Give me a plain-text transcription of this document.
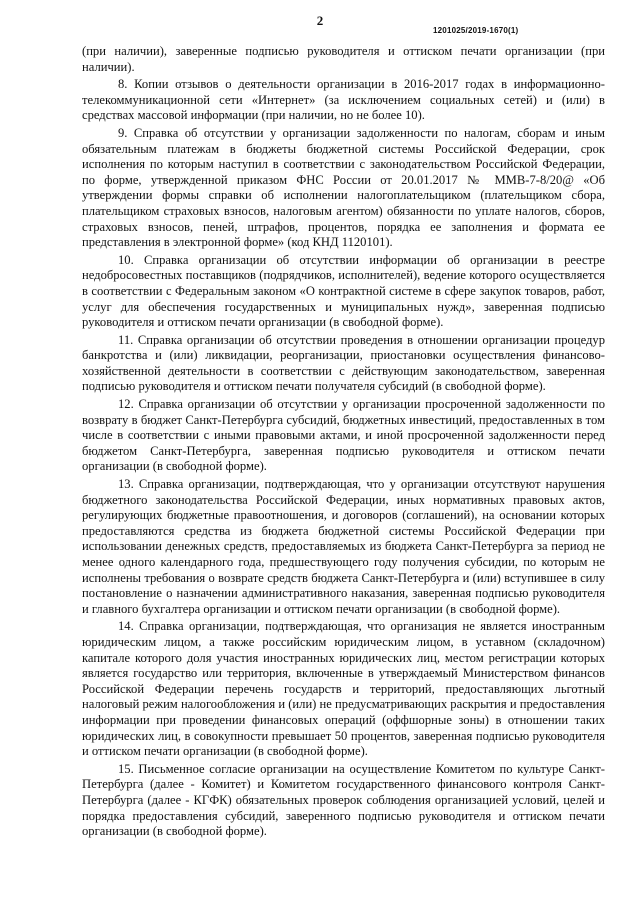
2
1201025/2019-1670(1)

(при наличии), заверенные подписью руководителя и оттиском печати организации (при наличии).

8. Копии отзывов о деятельности организации в 2016-2017 годах в информационно-телекоммуникационной сети «Интернет» (за исключением социальных сетей) и (или) в средствах массовой информации (при наличии, но не более 10).

9. Справка об отсутствии у организации задолженности по налогам, сборам и иным обязательным платежам в бюджеты бюджетной системы Российской Федерации, срок исполнения по которым наступил в соответствии с законодательством Российской Федерации, по форме, утвержденной приказом ФНС России от 20.01.2017 № ММВ-7-8/20@ «Об утверждении формы справки об исполнении налогоплательщиком (плательщиком сбора, плательщиком страховых взносов, налоговым агентом) обязанности по уплате налогов, сборов, страховых взносов, пеней, штрафов, процентов, порядка ее заполнения и формата ее представления в электронной форме» (код КНД 1120101).

10. Справка организации об отсутствии информации об организации в реестре недобросовестных поставщиков (подрядчиков, исполнителей), ведение которого осуществляется в соответствии с Федеральным законом «О контрактной системе в сфере закупок товаров, работ, услуг для обеспечения государственных и муниципальных нужд», заверенная подписью руководителя и оттиском печати организации (в свободной форме).

11. Справка организации об отсутствии проведения в отношении организации процедур банкротства и (или) ликвидации, реорганизации, приостановки осуществления финансово-хозяйственной деятельности в соответствии с действующим законодательством, заверенная подписью руководителя и оттиском печати получателя субсидий (в свободной форме).

12. Справка организации об отсутствии у организации просроченной задолженности по возврату в бюджет Санкт-Петербурга субсидий, бюджетных инвестиций, предоставленных в том числе в соответствии с иными правовыми актами, и иной просроченной задолженности перед бюджетом Санкт-Петербурга, заверенная подписью руководителя и оттиском печати организации (в свободной форме).

13. Справка организации, подтверждающая, что у организации отсутствуют нарушения бюджетного законодательства Российской Федерации, иных нормативных правовых актов, регулирующих бюджетные правоотношения, и договоров (соглашений), на основании которых предоставляются средства из бюджета бюджетной системы Российской Федерации при использовании денежных средств, предоставляемых из бюджета Санкт-Петербурга за период не менее одного календарного года, предшествующего году получения субсидии, по которым не исполнены требования о возврате средств бюджета Санкт-Петербурга и (или) вступившее в силу постановление о назначении административного наказания, заверенная подписью руководителя и главного бухгалтера организации и оттиском печати организации (в свободной форме).

14. Справка организации, подтверждающая, что организация не является иностранным юридическим лицом, а также российским юридическим лицом, в уставном (складочном) капитале которого доля участия иностранных юридических лиц, местом регистрации которых является государство или территория, включенные в утверждаемый Министерством финансов Российской Федерации перечень государств и территорий, предоставляющих льготный налоговый режим налогообложения и (или) не предусматривающих раскрытия и предоставления информации при проведении финансовых операций (оффшорные зоны) в отношении таких юридических лиц, в совокупности превышает 50 процентов, заверенная подписью руководителя и оттиском печати организации (в свободной форме).

15. Письменное согласие организации на осуществление Комитетом по культуре Санкт-Петербурга (далее - Комитет) и Комитетом государственного финансового контроля Санкт-Петербурга (далее - КГФК) обязательных проверок соблюдения организацией условий, целей и порядка предоставления субсидий, заверенного подписью руководителя и оттиском печати организации (в свободной форме).
